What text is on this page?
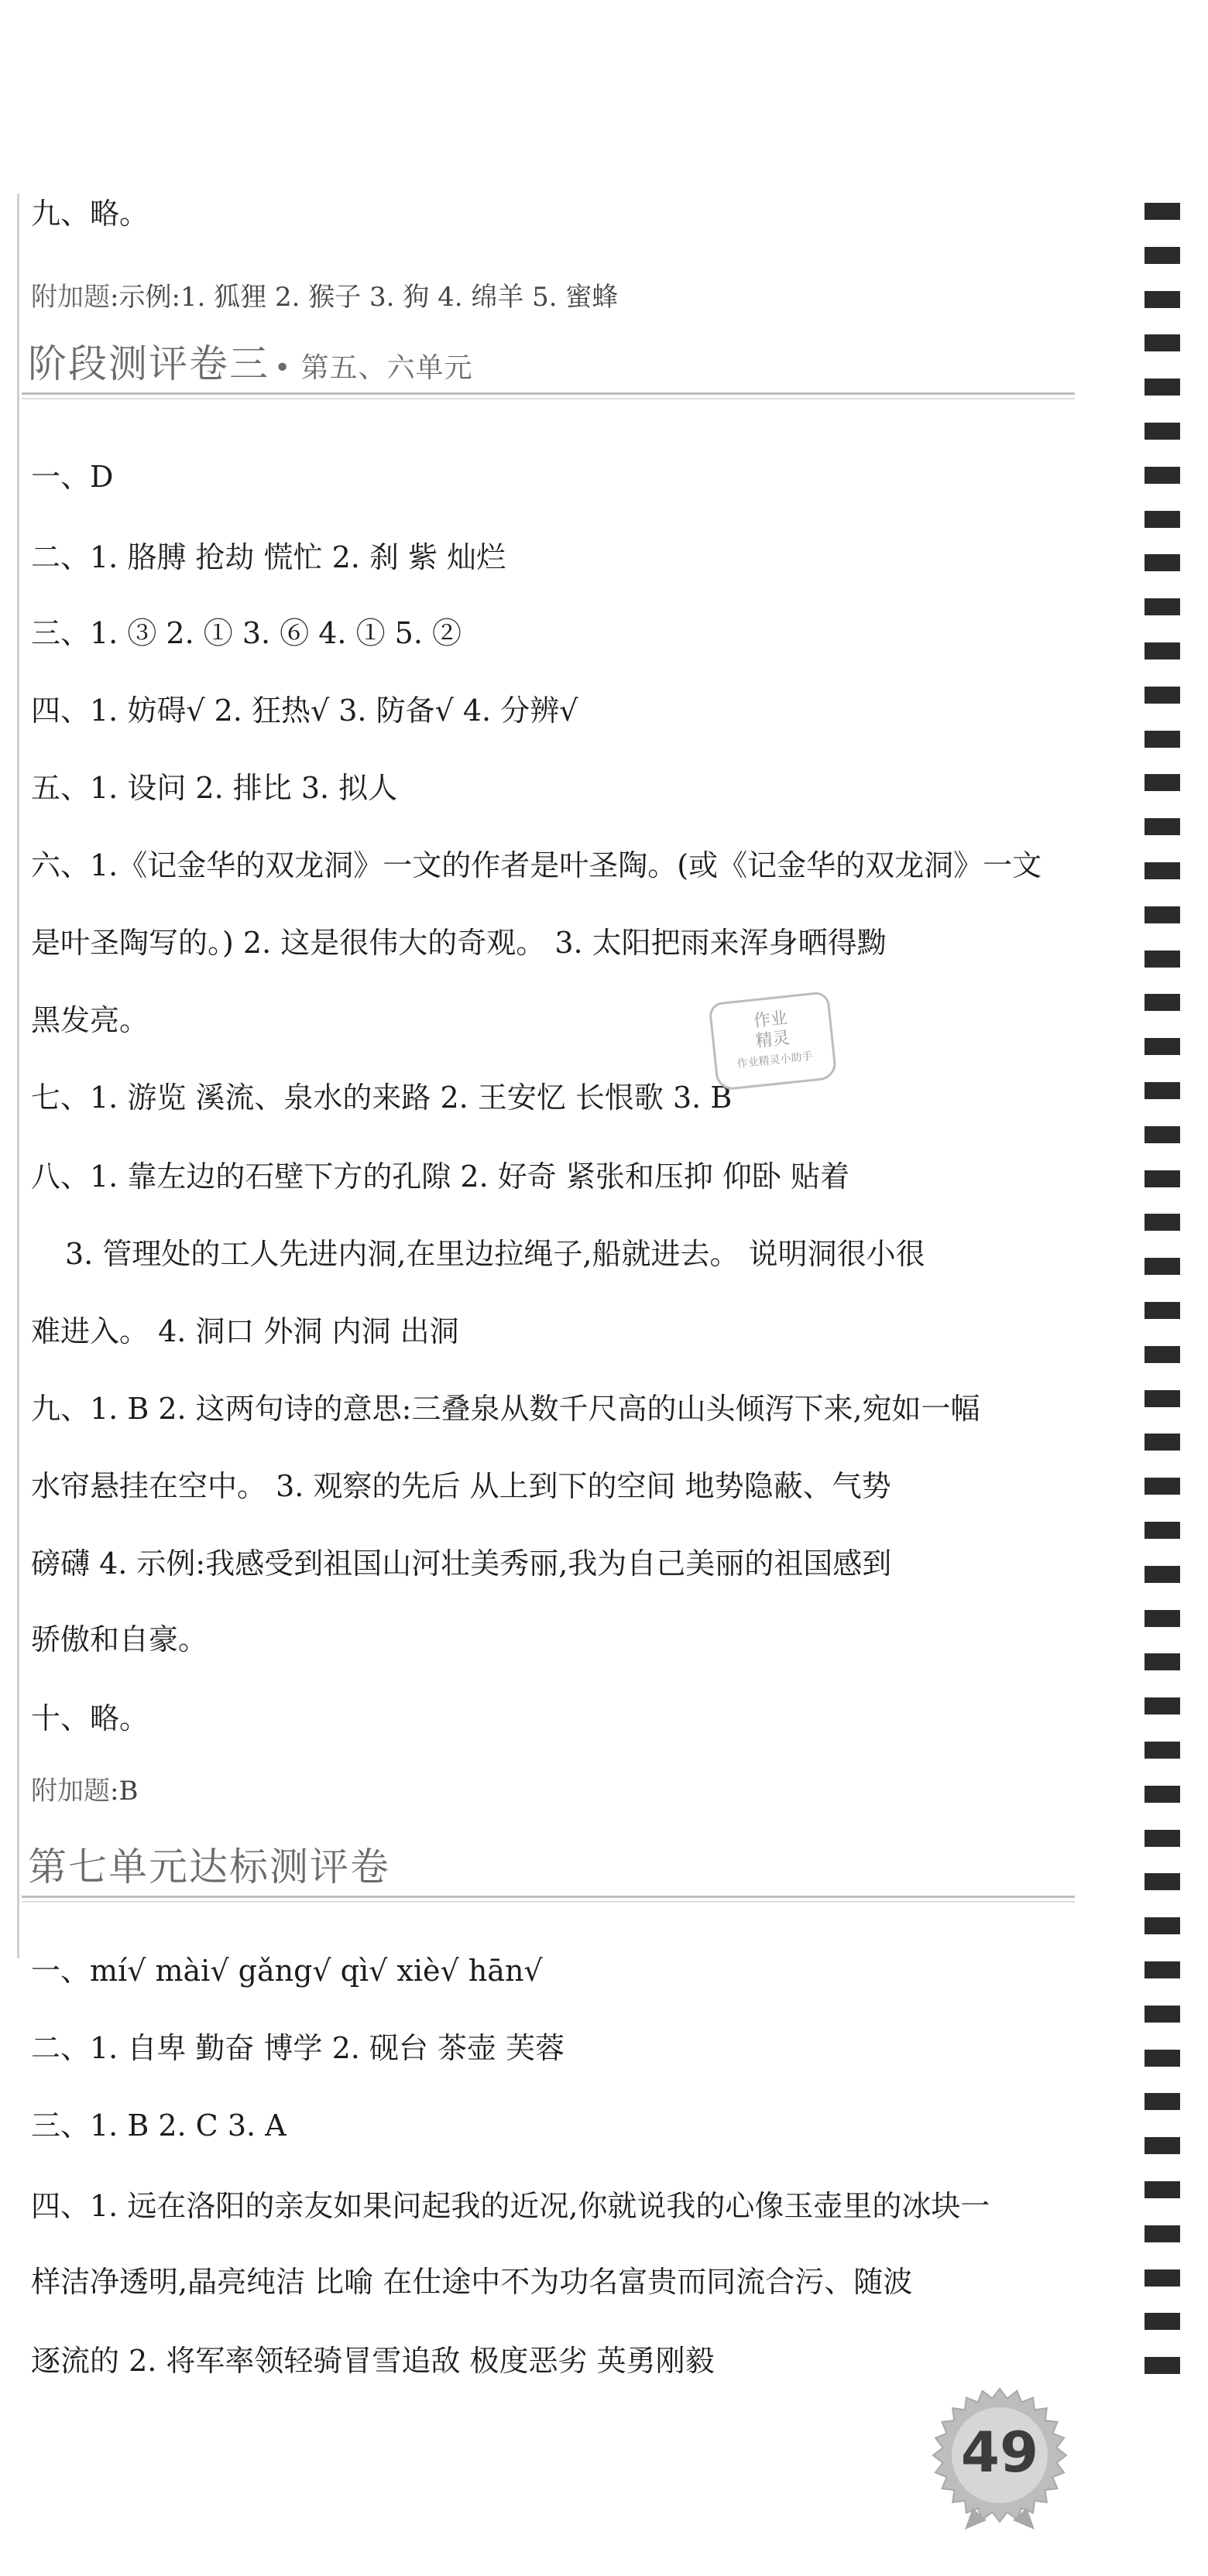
九、略。
附加题:示例:1. 狐狸 2. 猴子 3. 狗 4. 绵羊 5. 蜜蜂
阶段测评卷三 • 第五、六单元
一、D
二、1. 胳膊 抢劫 慌忙 2. 刹 紫 灿烂
三、1. ③ 2. ① 3. ⑥ 4. ① 5. ②
四、1. 妨碍√ 2. 狂热√ 3. 防备√ 4. 分辨√
五、1. 设问 2. 排比 3. 拟人
六、1.《记金华的双龙洞》一文的作者是叶圣陶。(或《记金华的双龙洞》一文
是叶圣陶写的。) 2. 这是很伟大的奇观。 3. 太阳把雨来浑身晒得黝
黑发亮。
七、1. 游览 溪流、泉水的来路 2. 王安忆 长恨歌 3. B
八、1. 靠左边的石壁下方的孔隙 2. 好奇 紧张和压抑 仰卧 贴着
3. 管理处的工人先进内洞,在里边拉绳子,船就进去。 说明洞很小很
难进入。 4. 洞口 外洞 内洞 出洞
九、1. B 2. 这两句诗的意思:三叠泉从数千尺高的山头倾泻下来,宛如一幅
水帘悬挂在空中。 3. 观察的先后 从上到下的空间 地势隐蔽、气势
磅礴 4. 示例:我感受到祖国山河壮美秀丽,我为自己美丽的祖国感到
骄傲和自豪。
十、略。
附加题:B
作业
精灵
作业精灵小助手
第七单元达标测评卷
一、mí√ mài√ gǎng√ qì√ xiè√ hān√
二、1. 自卑 勤奋 博学 2. 砚台 茶壶 芙蓉
三、1. B 2. C 3. A
四、1. 远在洛阳的亲友如果问起我的近况,你就说我的心像玉壶里的冰块一
样洁净透明,晶亮纯洁 比喻 在仕途中不为功名富贵而同流合污、随波
逐流的 2. 将军率领轻骑冒雪追敌 极度恶劣 英勇刚毅
49
